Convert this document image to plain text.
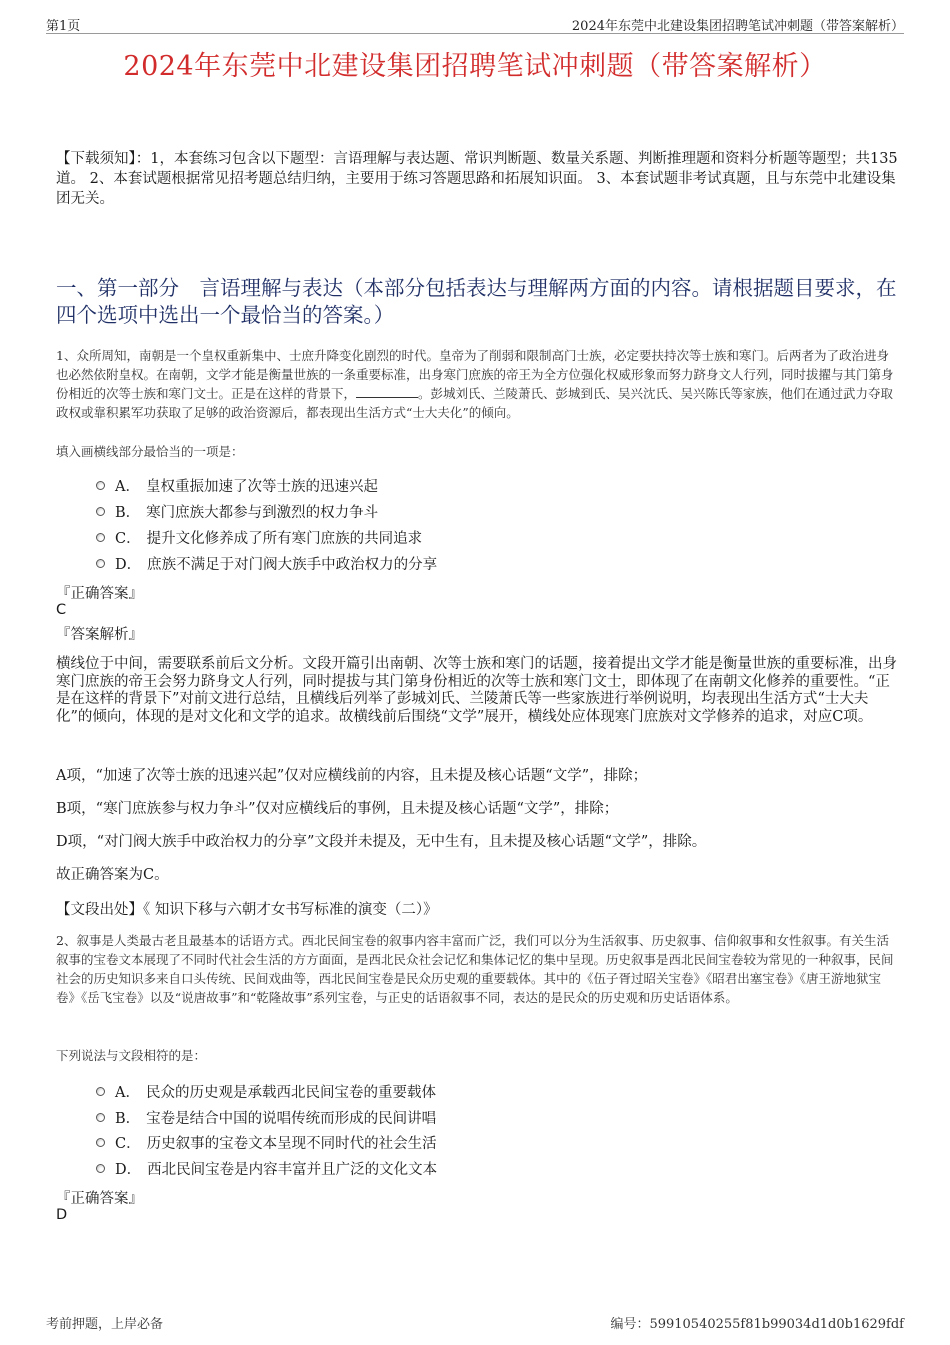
第1页	2024年东莞中北建设集团招聘笔试冲刺题（带答案解析）
2024年东莞中北建设集团招聘笔试冲刺题（带答案解析）
【下载须知】：1，本套练习包含以下题型：言语理解与表达题、常识判断题、数量关系题、判断推理题和资料分析题等题型；共135道。 2、本套试题根据常见招考题总结归纳，主要用于练习答题思路和拓展知识面。 3、本套试题非考试真题，且与东莞中北建设集团无关。
一、第一部分　言语理解与表达（本部分包括表达与理解两方面的内容。请根据题目要求，在四个选项中选出一个最恰当的答案。）
1、众所周知，南朝是一个皇权重新集中、士庶升降变化剧烈的时代。皇帝为了削弱和限制高门士族，必定要扶持次等士族和寒门。后两者为了政治进身也必然依附皇权。在南朝，文学才能是衡量世族的一条重要标准，出身寒门庶族的帝王为全方位强化权威形象而努力跻身文人行列，同时拔擢与其门第身份相近的次等士族和寒门文士。正是在这样的背景下，	。彭城刘氏、兰陵萧氏、彭城到氏、吴兴沈氏、吴兴陈氏等家族，他们在通过武力夺取政权或靠积累军功获取了足够的政治资源后，都表现出生活方式“士大夫化”的倾向。
填入画横线部分最恰当的一项是：
A． 皇权重振加速了次等士族的迅速兴起
B． 寒门庶族大都参与到激烈的权力争斗
C． 提升文化修养成了所有寒门庶族的共同追求
D． 庶族不满足于对门阀大族手中政治权力的分享
『正确答案』
C
『答案解析』
横线位于中间，需要联系前后文分析。文段开篇引出南朝、次等士族和寒门的话题，接着提出文学才能是衡量世族的重要标准，出身寒门庶族的帝王会努力跻身文人行列，同时提拔与其门第身份相近的次等士族和寒门文士，即体现了在南朝文化修养的重要性。“正是在这样的背景下”对前文进行总结，且横线后列举了彭城刘氏、兰陵萧氏等一些家族进行举例说明，均表现出生活方式“士大夫化”的倾向，体现的是对文化和文学的追求。故横线前后围绕“文学”展开，横线处应体现寒门庶族对文学修养的追求，对应C项。
A项，“加速了次等士族的迅速兴起”仅对应横线前的内容，且未提及核心话题“文学”，排除；
B项，“寒门庶族参与权力争斗”仅对应横线后的事例，且未提及核心话题“文学”，排除；
D项，“对门阀大族手中政治权力的分享”文段并未提及，无中生有，且未提及核心话题“文学”，排除。
故正确答案为C。
【文段出处】《 知识下移与六朝才女书写标准的演变（二）》
2、叙事是人类最古老且最基本的话语方式。西北民间宝卷的叙事内容丰富而广泛，我们可以分为生活叙事、历史叙事、信仰叙事和女性叙事。有关生活叙事的宝卷文本展现了不同时代社会生活的方方面面，是西北民众社会记忆和集体记忆的集中呈现。历史叙事是西北民间宝卷较为常见的一种叙事，民间社会的历史知识多来自口头传统、民间戏曲等，西北民间宝卷是民众历史观的重要载体。其中的《伍子胥过昭关宝卷》《昭君出塞宝卷》《唐王游地狱宝卷》《岳飞宝卷》以及“说唐故事”和“乾隆故事”系列宝卷，与正史的话语叙事不同，表达的是民众的历史观和历史话语体系。
下列说法与文段相符的是：
A． 民众的历史观是承载西北民间宝卷的重要载体
B． 宝卷是结合中国的说唱传统而形成的民间讲唱
C． 历史叙事的宝卷文本呈现不同时代的社会生活
D． 西北民间宝卷是内容丰富并且广泛的文化文本
『正确答案』
D
考前押题，上岸必备	编号：59910540255f81b99034d1d0b1629fdf
